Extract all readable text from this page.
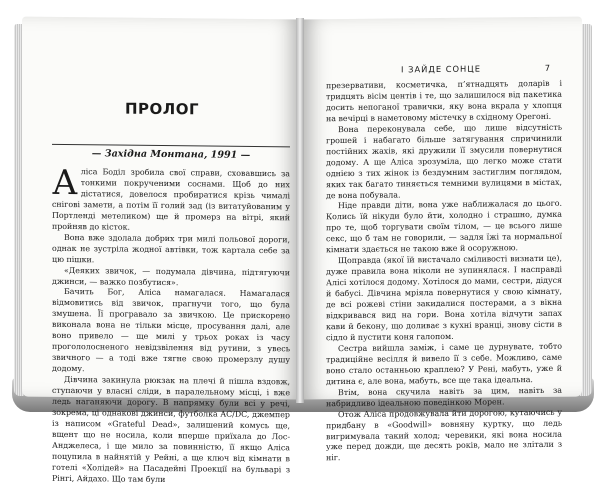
ПРОЛОГ
— Західна Монтана, 1991 —

Аліса Боділ зробила свої справи, сховавшись за тонкими покрученими соснами. Щоб до них дістатися, довелося пробиратися крізь чималі снігові замети, а потім її голий зад (із витатуйованим у Портленді метеликом) ще й промерз на вітрі, який пройняв до кісток.

Вона вже здолала добрих три милі польової дороги, однак не зустріла жодної автівки, тож картала себе за цю пішки.

«Деяких звичок, — подумала дівчина, підтягуючи джинси, — важко позбутися».

Бачить Бог, Аліса намагалася. Намагалася відмовитись від звичок, прагнучи того, що була змушена. Її програвало за звичкою. Це прискорено виконала вона не тільки місце, просування далі, але воно привело — ще милі у трьох роках із часу прогололосненого невідзвілення від рутини, з увесь звичного — а тоді вже тягне свою промерзлу душу додому.

Дівчина закинула рюкзак на плечі й пішла вздовж, ступаючи у власні сліди, в паралельному місці, і вже ледь наганяючи дорогу. В напрямку були всі у речі, зокрема, ці однакові джинси, футболка AC/DC, джемпер із написом «Grateful Dead», залишений комусь ще, вщент що не носила, коли вперше приїхала до Лос-Анджелеса, і ще мило за повинністю, її якщо Аліса поцупила в найнятій у Рейні, а ще ключ від кімнати в готелі «Холідей» на Пасадейні Проекції на бульварі з Рінгі, Айдахо. Що там були

І ЗАЙДЕ СОНЦЕ	7

презервативи, косметичка, п’ятнадцять доларів і тридцять вісім центів і те, що залишилося від пакетика досить непоганої травички, яку вона вкрала у хлопця на вечірці в наметовому містечку в східному Орегоні.

Вона переконувала себе, що лише відсутність грошей і набагато більше затягування спричинили постійних жахів, які дружили її змусили повернутися додому. А ще Аліса зрозуміла, що легко може стати однією з тих жінок із бездумним застиглим поглядом, яких так багато тиняється темними вулицями в містах, де вона побувала.

Ніде правди діти, вона уже наближалася до цього. Колись їй нікуди було йти, холодно і страшно, думка про те, щоб торгувати своїм тілом, — це всього лише секс, що б там не говорили, — задля їжі та нормальної кімнати здається не такою вже й осоружною.

Щоправда (якої їй вистачало сміливості визнати це), дуже правила вона ніколи не зупинялася. І насправді Алісі хотілося додому. Хотілося до мами, сестри, дідуся й бабусі. Дівчина мріяла повернутися у свою кімнату, де всі рожеві стіни закидалися постерами, а з вікна відкривався вид на гори. Вона хотіла відчути запах кави й бекону, що доливає з кухні вранці, знову сісти в сідло й пустити коня галопом.

Сестра вийшла заміж, і саме це дурнувате, тобто традиційне весілля й вивело її з себе. Можливо, саме воно стало останньою краплею? У Рені, мабуть, уже й дитина є, але вона, мабуть, все ще така ідеальна.

Втім, вона скучила навіть за цим, навіть за набридливо ідеальною поведінкою Морен.

Отож Аліса продовжувала йти дорогою, кутаючись у придбану в «Goodwill» вовняну куртку, що ледь вигримувала такий холод; черевики, які вона носила уже перед дожди, ще десять років, мало не злітали з ніг.
